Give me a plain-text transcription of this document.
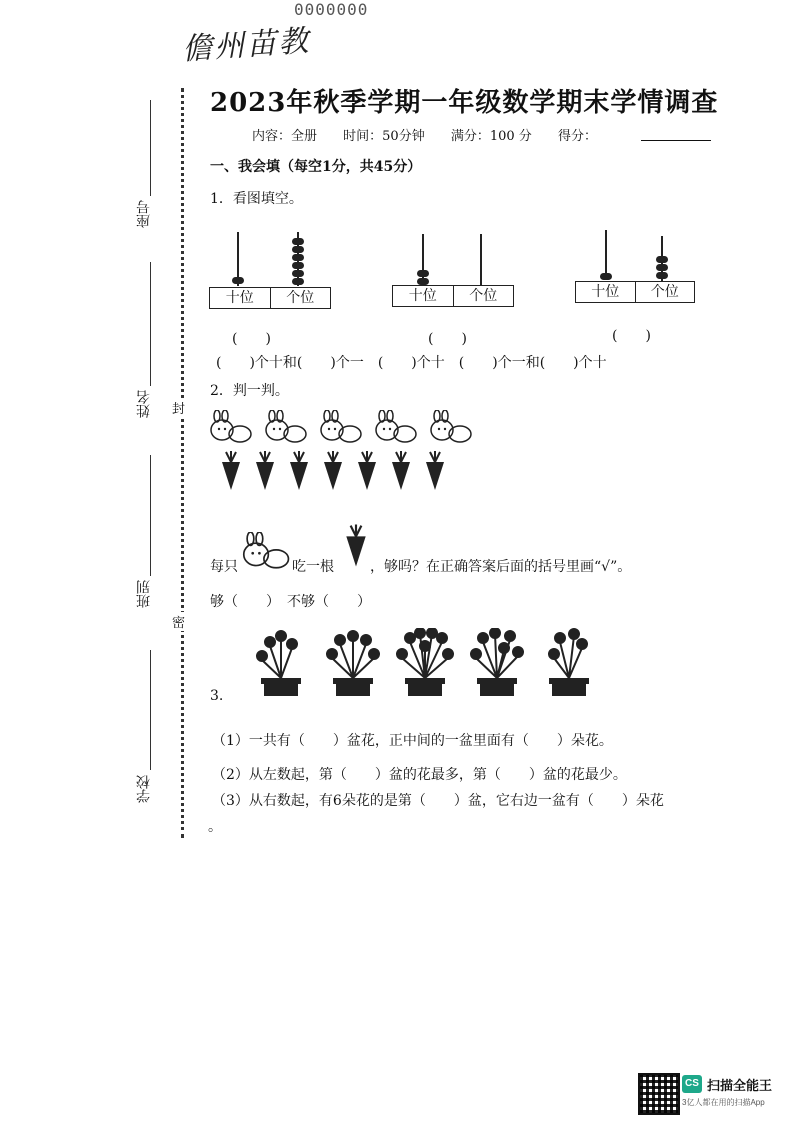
0000000
儋州苗教
2023年秋季学期一年级数学期末学情调查
内容：全册 时间：50分钟 满分：100 分 得分：
座号
姓名
班别
学校
封
密
一、我会填（每空1分，共45分）
1．看图填空。
十位	个位
(　　)
十位	个位
(　　)
十位	个位
(　　)
(　　)个十和(　　)个一　(　　)个十　(　　)个一和(　　)个十
2．判一判。
每只	吃一根	，够吗？在正确答案后面的括号里画“√”。
够（　　）　不够（　　）
3.
（1）一共有（　　）盆花，正中间的一盆里面有（　　）朵花。
（2）从左数起，第（　　）盆的花最多，第（　　）盆的花最少。
（3）从右数起，有6朵花的是第（　　）盆，它右边一盆有（　　）朵花
。
CS 扫描全能王
3亿人都在用的扫描App
